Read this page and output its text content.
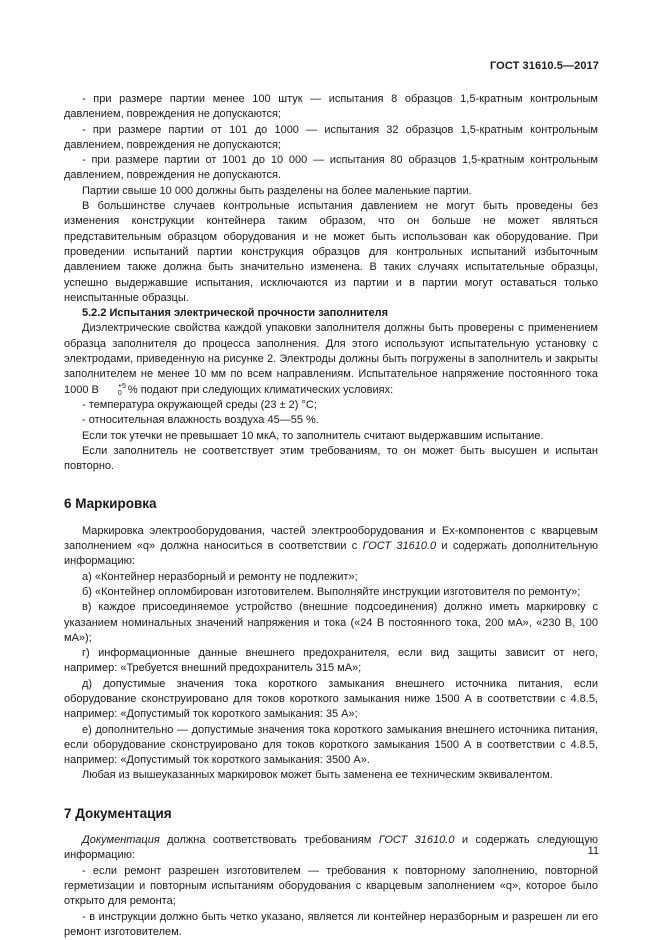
ГОСТ 31610.5—2017

- при размере партии менее 100 штук — испытания 8 образцов 1,5-кратным контрольным давлением, повреждения не допускаются;

- при размере партии от 101 до 1000 — испытания 32 образцов 1,5-кратным контрольным давлением, повреждения не допускаются;

- при размере партии от 1001 до 10 000 — испытания 80 образцов 1,5-кратным контрольным давлением, повреждения не допускаются.

Партии свыше 10 000 должны быть разделены на более маленькие партии.

В большинстве случаев контрольные испытания давлением не могут быть проведены без изменения конструкции контейнера таким образом, что он больше не может являться представительным образцом оборудования и не может быть использован как оборудование. При проведении испытаний партии конструкция образцов для контрольных испытаний избыточным давлением также должна быть значительно изменена. В таких случаях испытательные образцы, успешно выдержавшие испытания, исключаются из партии и в партии могут оставаться только неиспытанные образцы.

5.2.2 Испытания электрической прочности заполнителя

Диэлектрические свойства каждой упаковки заполнителя должны быть проверены с применением образца заполнителя до процесса заполнения. Для этого используют испытательную установку с электродами, приведенную на рисунке 2. Электроды должны быть погружены в заполнитель и закрыты заполнителем не менее 10 мм по всем направлениям. Испытательное напряжение постоянного тока 1000 В	+5
0 % подают при следующих климатических условиях:

- температура окружающей среды (23 ± 2) °С;

- относительная влажность воздуха 45—55 %.

Если ток утечки не превышает 10 мкА, то заполнитель считают выдержавшим испытание.

Если заполнитель не соответствует этим требованиям, то он может быть высушен и испытан повторно.

6 Маркировка

Маркировка электрооборудования, частей электрооборудования и Ex-компонентов с кварцевым заполнением «q» должна наноситься в соответствии с ГОСТ 31610.0 и содержать дополнительную информацию:

а) «Контейнер неразборный и ремонту не подлежит»;

б) «Контейнер опломбирован изготовителем. Выполняйте инструкции изготовителя по ремонту»;

в) каждое присоединяемое устройство (внешние подсоединения) должно иметь маркировку с указанием номинальных значений напряжения и тока («24 В постоянного тока, 200 мА», «230 В, 100 мА»);

г) информационные данные внешнего предохранителя, если вид защиты зависит от него, например: «Требуется внешний предохранитель 315 мА»;

д) допустимые значения тока короткого замыкания внешнего источника питания, если оборудование сконструировано для токов короткого замыкания ниже 1500 А в соответствии с 4.8.5, например: «Допустимый ток короткого замыкания: 35 А»;

е) дополнительно — допустимые значения тока короткого замыкания внешнего источника питания, если оборудование сконструировано для токов короткого замыкания 1500 А в соответствии с 4.8.5, например: «Допустимый ток короткого замыкания: 3500 А».

Любая из вышеуказанных маркировок может быть заменена ее техническим эквивалентом.

7 Документация

Документация должна соответствовать требованиям ГОСТ 31610.0 и содержать следующую информацию:

- если ремонт разрешен изготовителем — требования к повторному заполнению, повторной герметизации и повторным испытаниям оборудования с кварцевым заполнением «q», которое было открыто для ремонта;

- в инструкции должно быть четко указано, является ли контейнер неразборным и разрешен ли его ремонт изготовителем.

11
